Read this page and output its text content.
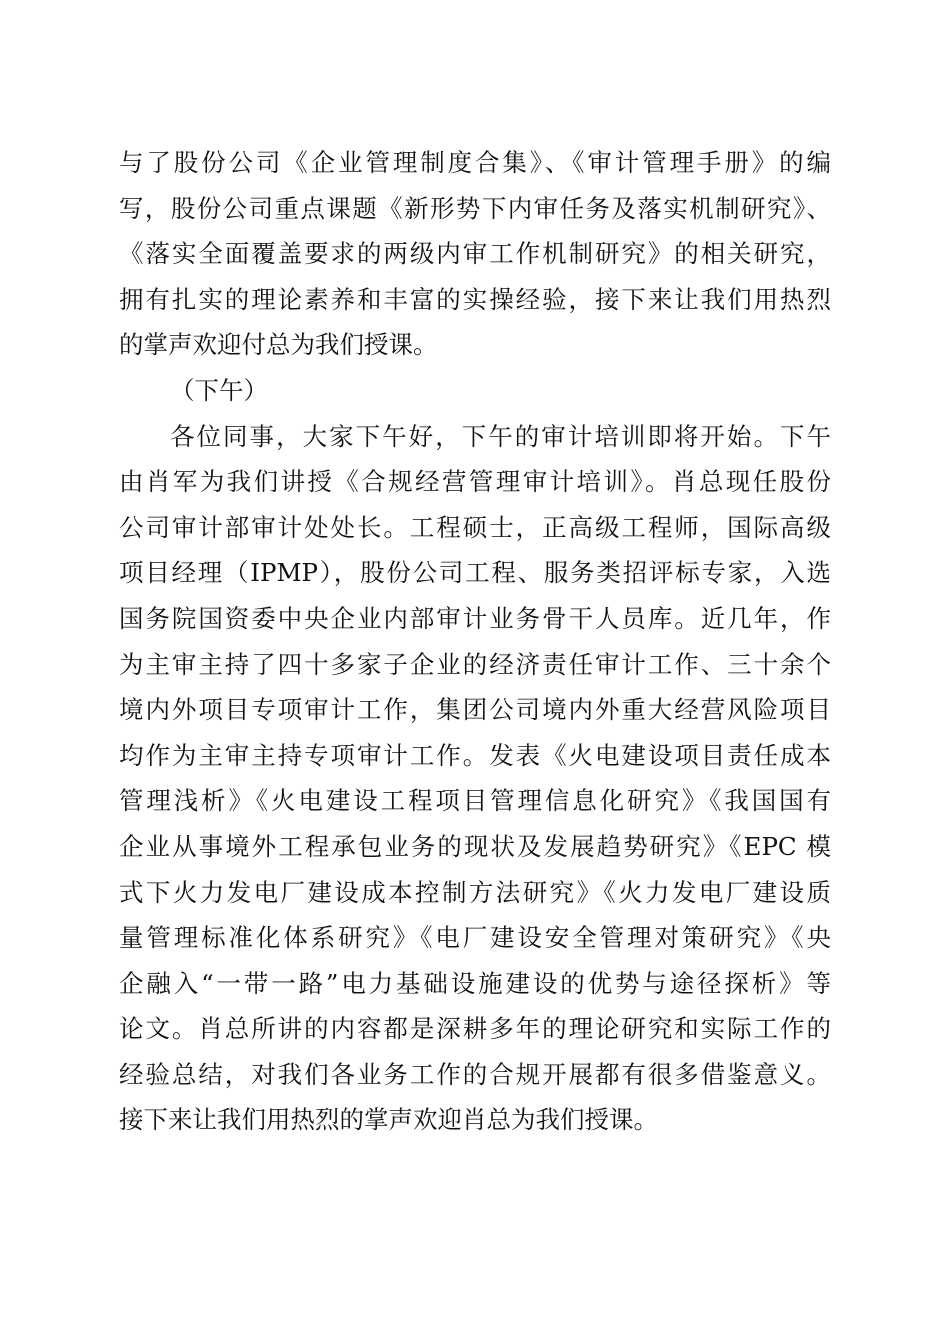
与了股份公司《企业管理制度合集》、《审计管理手册》的编
写，股份公司重点课题《新形势下内审任务及落实机制研究》、
《落实全面覆盖要求的两级内审工作机制研究》的相关研究，
拥有扎实的理论素养和丰富的实操经验，接下来让我们用热烈
的掌声欢迎付总为我们授课。
（下午）
各位同事，大家下午好，下午的审计培训即将开始。下午
由肖军为我们讲授《合规经营管理审计培训》。肖总现任股份
公司审计部审计处处长。工程硕士，正高级工程师，国际高级
项目经理（IPMP），股份公司工程、服务类招评标专家，入选
国务院国资委中央企业内部审计业务骨干人员库。近几年，作
为主审主持了四十多家子企业的经济责任审计工作、三十余个
境内外项目专项审计工作，集团公司境内外重大经营风险项目
均作为主审主持专项审计工作。发表《火电建设项目责任成本
管理浅析》《火电建设工程项目管理信息化研究》《我国国有
企业从事境外工程承包业务的现状及发展趋势研究》《EPC 模
式下火力发电厂建设成本控制方法研究》《火力发电厂建设质
量管理标准化体系研究》《电厂建设安全管理对策研究》《央
企融入“一带一路”电力基础设施建设的优势与途径探析》等
论文。肖总所讲的内容都是深耕多年的理论研究和实际工作的
经验总结，对我们各业务工作的合规开展都有很多借鉴意义。
接下来让我们用热烈的掌声欢迎肖总为我们授课。
